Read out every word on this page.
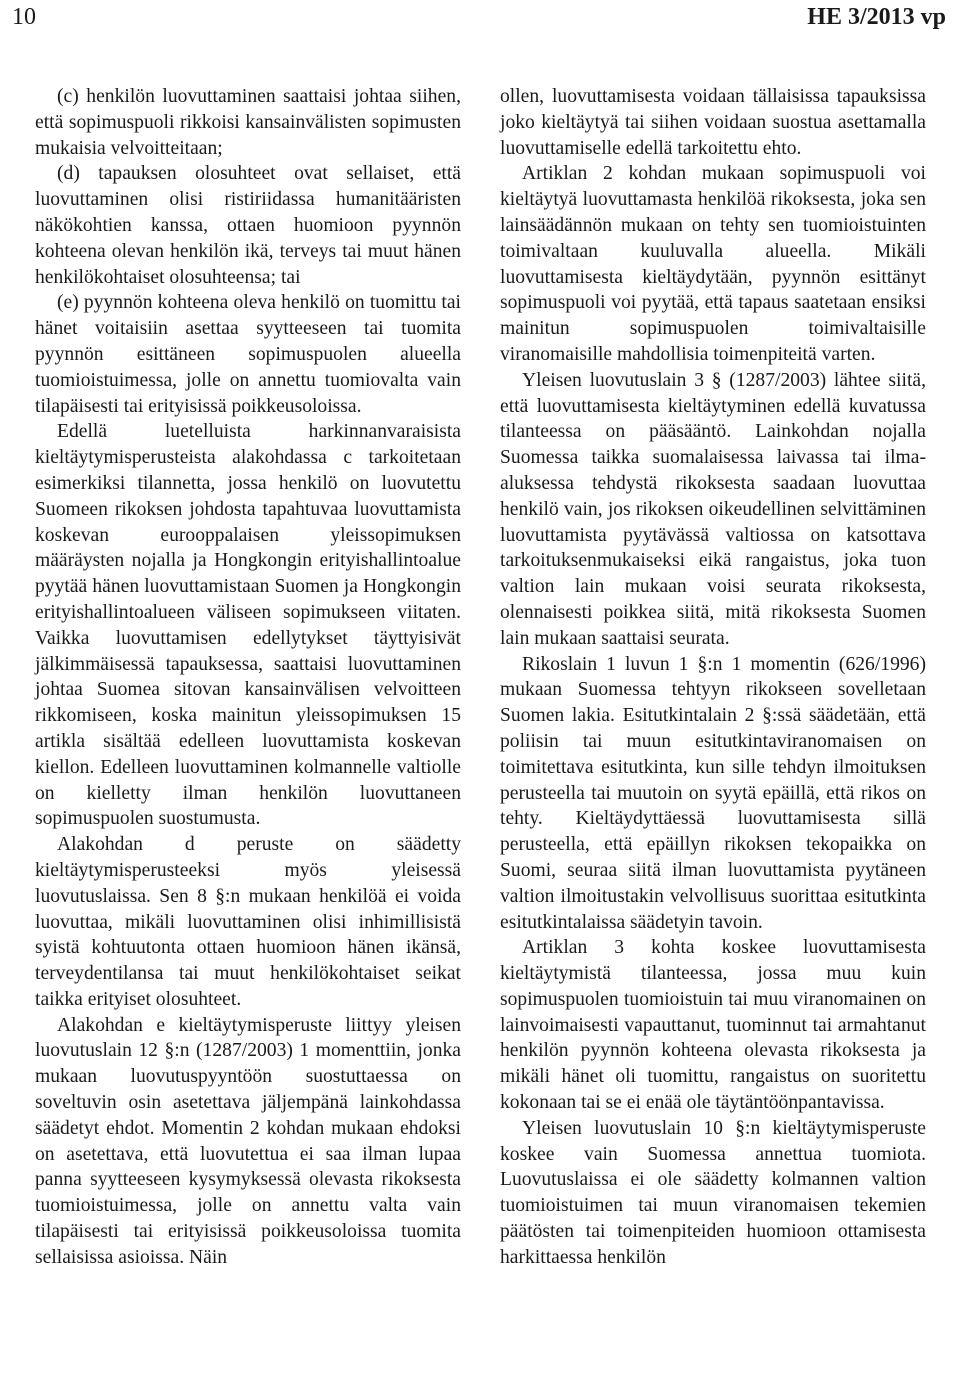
10	HE 3/2013 vp

(c) henkilön luovuttaminen saattaisi johtaa siihen, että sopimuspuoli rikkoisi kansainvälisten sopimusten mukaisia velvoitteitaan;

(d) tapauksen olosuhteet ovat sellaiset, että luovuttaminen olisi ristiriidassa humanitääristen näkökohtien kanssa, ottaen huomioon pyynnön kohteena olevan henkilön ikä, terveys tai muut hänen henkilökohtaiset olosuhteensa; tai

(e) pyynnön kohteena oleva henkilö on tuomittu tai hänet voitaisiin asettaa syytteeseen tai tuomita pyynnön esittäneen sopimuspuolen alueella tuomioistuimessa, jolle on annettu tuomiovalta vain tilapäisesti tai erityisissä poikkeusoloissa.

Edellä luetelluista harkinnanvaraisista kieltäytymisperusteista alakohdassa c tarkoitetaan esimerkiksi tilannetta, jossa henkilö on luovutettu Suomeen rikoksen johdosta tapahtuvaa luovuttamista koskevan eurooppalaisen yleissopimuksen määräysten nojalla ja Hongkongin erityishallintoalue pyytää hänen luovuttamistaan Suomen ja Hongkongin erityishallintoalueen väliseen sopimukseen viitaten. Vaikka luovuttamisen edellytykset täyttyisivät jälkimmäisessä tapauksessa, saattaisi luovuttaminen johtaa Suomea sitovan kansainvälisen velvoitteen rikkomiseen, koska mainitun yleissopimuksen 15 artikla sisältää edelleen luovuttamista koskevan kiellon. Edelleen luovuttaminen kolmannelle valtiolle on kielletty ilman henkilön luovuttaneen sopimuspuolen suostumusta.

Alakohdan d peruste on säädetty kieltäytymisperusteeksi myös yleisessä luovutuslaissa. Sen 8 §:n mukaan henkilöä ei voida luovuttaa, mikäli luovuttaminen olisi inhimillisistä syistä kohtuutonta ottaen huomioon hänen ikänsä, terveydentilansa tai muut henkilökohtaiset seikat taikka erityiset olosuhteet.

Alakohdan e kieltäytymisperuste liittyy yleisen luovutuslain 12 §:n (1287/2003) 1 momenttiin, jonka mukaan luovutuspyyntöön suostuttaessa on soveltuvin osin asetettava jäljempänä lainkohdassa säädetyt ehdot. Momentin 2 kohdan mukaan ehdoksi on asetettava, että luovutettua ei saa ilman lupaa panna syytteeseen kysymyksessä olevasta rikoksesta tuomioistuimessa, jolle on annettu valta vain tilapäisesti tai erityisissä poikkeusoloissa tuomita sellaisissa asioissa. Näin

ollen, luovuttamisesta voidaan tällaisissa tapauksissa joko kieltäytyä tai siihen voidaan suostua asettamalla luovuttamiselle edellä tarkoitettu ehto.

Artiklan 2 kohdan mukaan sopimuspuoli voi kieltäytyä luovuttamasta henkilöä rikoksesta, joka sen lainsäädännön mukaan on tehty sen tuomioistuinten toimivaltaan kuuluvalla alueella. Mikäli luovuttamisesta kieltäydytään, pyynnön esittänyt sopimuspuoli voi pyytää, että tapaus saatetaan ensiksi mainitun sopimuspuolen toimivaltaisille viranomaisille mahdollisia toimenpiteitä varten.

Yleisen luovutuslain 3 § (1287/2003) lähtee siitä, että luovuttamisesta kieltäytyminen edellä kuvatussa tilanteessa on pääsääntö. Lainkohdan nojalla Suomessa taikka suomalaisessa laivassa tai ilma-aluksessa tehdystä rikoksesta saadaan luovuttaa henkilö vain, jos rikoksen oikeudellinen selvittäminen luovuttamista pyytävässä valtiossa on katsottava tarkoituksenmukaiseksi eikä rangaistus, joka tuon valtion lain mukaan voisi seurata rikoksesta, olennaisesti poikkea siitä, mitä rikoksesta Suomen lain mukaan saattaisi seurata.

Rikoslain 1 luvun 1 §:n 1 momentin (626/1996) mukaan Suomessa tehtyyn rikokseen sovelletaan Suomen lakia. Esitutkintalain 2 §:ssä säädetään, että poliisin tai muun esitutkintaviranomaisen on toimitettava esitutkinta, kun sille tehdyn ilmoituksen perusteella tai muutoin on syytä epäillä, että rikos on tehty. Kieltäydyttäessä luovuttamisesta sillä perusteella, että epäillyn rikoksen tekopaikka on Suomi, seuraa siitä ilman luovuttamista pyytäneen valtion ilmoitustakin velvollisuus suorittaa esitutkinta esitutkintalaissa säädetyin tavoin.

Artiklan 3 kohta koskee luovuttamisesta kieltäytymistä tilanteessa, jossa muu kuin sopimuspuolen tuomioistuin tai muu viranomainen on lainvoimaisesti vapauttanut, tuominnut tai armahtanut henkilön pyynnön kohteena olevasta rikoksesta ja mikäli hänet oli tuomittu, rangaistus on suoritettu kokonaan tai se ei enää ole täytäntöönpantavissa.

Yleisen luovutuslain 10 §:n kieltäytymisperuste koskee vain Suomessa annettua tuomiota. Luovutuslaissa ei ole säädetty kolmannen valtion tuomioistuimen tai muun viranomaisen tekemien päätösten tai toimenpiteiden huomioon ottamisesta harkittaessa henkilön
